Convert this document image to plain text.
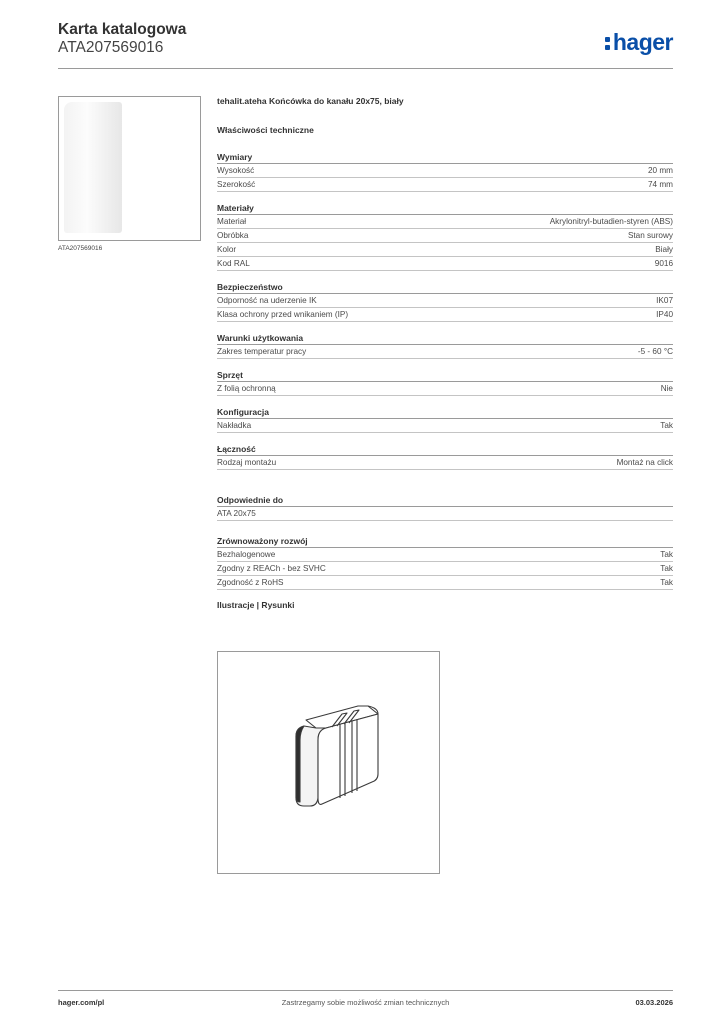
Karta katalogowa
ATA207569016	hager
ATA207569016
tehalit.ateha Końcówka do kanału 20x75, biały
Właściwości techniczne
Wymiary
Wysokość	20 mm
Szerokość	74 mm
Materiały
Materiał	Akrylonitryl-butadien-styren (ABS)
Obróbka	Stan surowy
Kolor	Biały
Kod RAL	9016
Bezpieczeństwo
Odporność na uderzenie IK	IK07
Klasa ochrony przed wnikaniem (IP)	IP40
Warunki użytkowania
Zakres temperatur pracy	-5 - 60 °C
Sprzęt
Z folią ochronną	Nie
Konfiguracja
Nakładka	Tak
Łączność
Rodzaj montażu	Montaż na click
Odpowiednie do
ATA 20x75
Zrównoważony rozwój
Bezhalogenowe	Tak
Zgodny z REACh - bez SVHC	Tak
Zgodność z RoHS	Tak
Ilustracje | Rysunki
hager.com/pl	Zastrzegamy sobie możliwość zmian technicznych	03.03.2026
